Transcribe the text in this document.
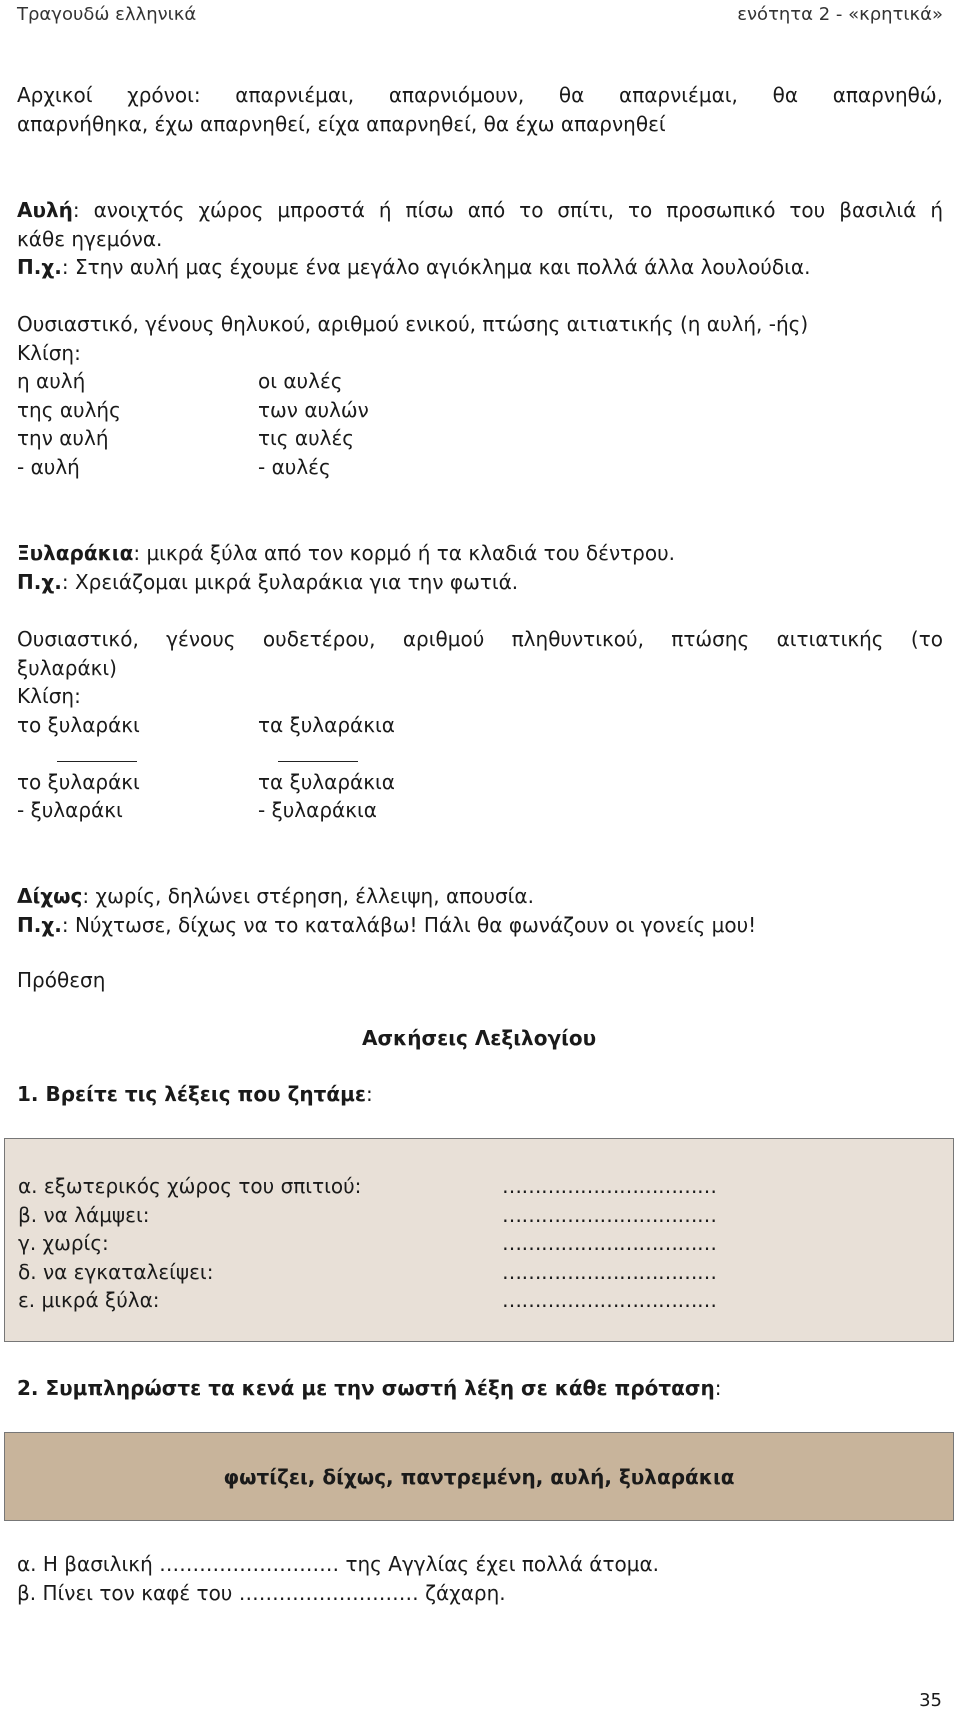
Τραγουδώ ελληνικά	ενότητα 2 - «κρητικά»
Αρχικοί χρόνοι: απαρνιέμαι, απαρνιόμουν, θα απαρνιέμαι, θα απαρνηθώ,
απαρνήθηκα, έχω απαρνηθεί, είχα απαρνηθεί, θα έχω απαρνηθεί
Αυλή: ανοιχτός χώρος μπροστά ή πίσω από το σπίτι, το προσωπικό του βασιλιά ή
κάθε ηγεμόνα.
Π.χ.: Στην αυλή μας έχουμε ένα μεγάλο αγιόκλημα και πολλά άλλα λουλούδια.
Ουσιαστικό, γένους θηλυκού, αριθμού ενικού, πτώσης αιτιατικής (η αυλή, -ής)
Κλίση:
η αυλή	οι αυλές
της αυλής	των αυλών
την αυλή	τις αυλές
- αυλή	- αυλές
Ξυλαράκια: μικρά ξύλα από τον κορμό ή τα κλαδιά του δέντρου.
Π.χ.: Χρειάζομαι μικρά ξυλαράκια για την φωτιά.
Ουσιαστικό, γένους ουδετέρου, αριθμού πληθυντικού, πτώσης αιτιατικής (το
ξυλαράκι)
Κλίση:
το ξυλαράκι	τα ξυλαράκια
το ξυλαράκι	τα ξυλαράκια
- ξυλαράκι	- ξυλαράκια
Δίχως: χωρίς, δηλώνει στέρηση, έλλειψη, απουσία.
Π.χ.: Νύχτωσε, δίχως να το καταλάβω! Πάλι θα φωνάζουν οι γονείς μου!
Πρόθεση
Ασκήσεις Λεξιλογίου
1. Βρείτε τις λέξεις που ζητάμε:
α. εξωτερικός χώρος του σπιτιού:	……………………………
β. να λάμψει:	……………………………
γ. χωρίς:	……………………………
δ. να εγκαταλείψει:	……………………………
ε. μικρά ξύλα:	……………………………
2. Συμπληρώστε τα κενά με την σωστή λέξη σε κάθε πρόταση:
φωτίζει, δίχως, παντρεμένη, αυλή, ξυλαράκια
α. Η βασιλική ……………………… της Αγγλίας έχει πολλά άτομα.
β. Πίνει τον καφέ του ……………………… ζάχαρη.
35
